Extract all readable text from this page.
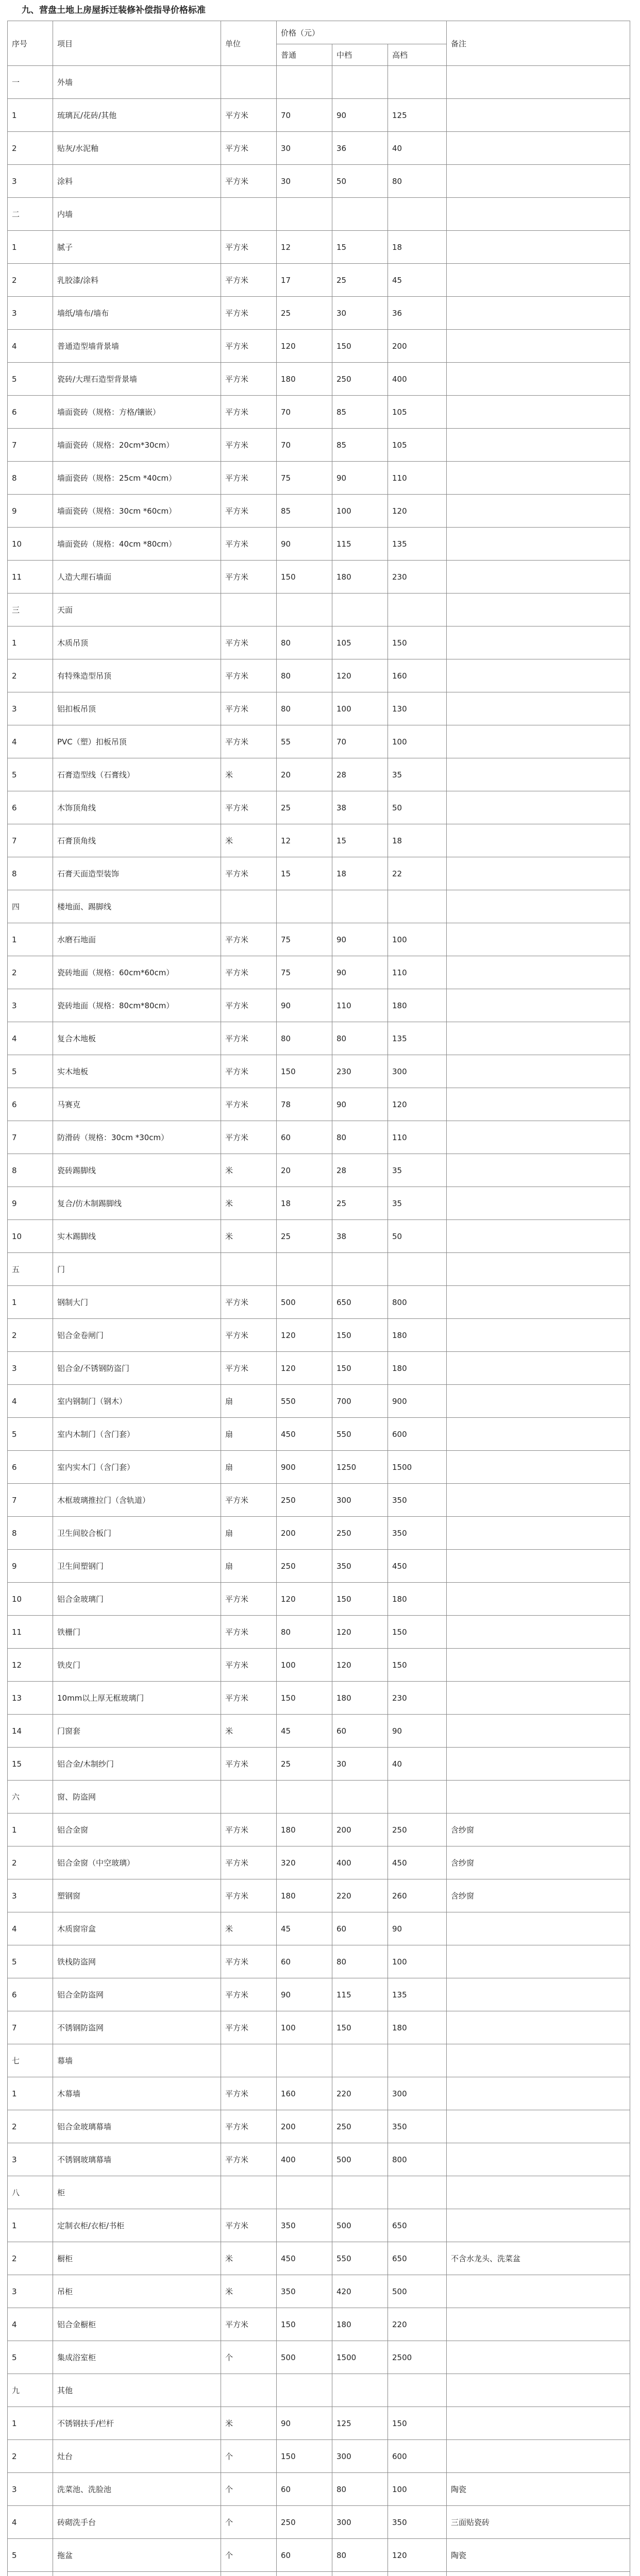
九、营盘土地上房屋拆迁装修补偿指导价格标准
序号	项目	单位	价格（元）			备注
			普通	中档	高档	
一	外墙					
1	琉璃瓦/花砖/其他	平方米	70	90	125	
2	贴灰/水泥釉	平方米	30	36	40	
3	涂料	平方米	30	50	80	
二	内墙					
1	腻子	平方米	12	15	18	
2	乳胶漆/涂料	平方米	17	25	45	
3	墙纸/墙布/墙布	平方米	25	30	36	
4	普通造型墙背景墙	平方米	120	150	200	
5	瓷砖/大理石造型背景墙	平方米	180	250	400	
6	墙面瓷砖（规格：方格/镶嵌）	平方米	70	85	105	
7	墙面瓷砖（规格：20cm*30cm）	平方米	70	85	105	
8	墙面瓷砖（规格：25cm *40cm）	平方米	75	90	110	
9	墙面瓷砖（规格：30cm *60cm）	平方米	85	100	120	
10	墙面瓷砖（规格：40cm *80cm）	平方米	90	115	135	
11	人造大理石墙面	平方米	150	180	230	
三	天面					
1	木质吊顶	平方米	80	105	150	
2	有特殊造型吊顶	平方米	80	120	160	
3	铝扣板吊顶	平方米	80	100	130	
4	PVC（塑）扣板吊顶	平方米	55	70	100	
5	石膏造型线（石膏线）	米	20	28	35	
6	木饰顶角线	平方米	25	38	50	
7	石膏顶角线	米	12	15	18	
8	石膏天面造型装饰	平方米	15	18	22	
四	楼地面、踢脚线					
1	水磨石地面	平方米	75	90	100	
2	瓷砖地面（规格：60cm*60cm）	平方米	75	90	110	
3	瓷砖地面（规格：80cm*80cm）	平方米	90	110	180	
4	复合木地板	平方米	80	80	135	
5	实木地板	平方米	150	230	300	
6	马赛克	平方米	78	90	120	
7	防滑砖（规格：30cm *30cm）	平方米	60	80	110	
8	瓷砖踢脚线	米	20	28	35	
9	复合/仿木制踢脚线	米	18	25	35	
10	实木踢脚线	米	25	38	50	
五	门					
1	钢制大门	平方米	500	650	800	
2	铝合金卷闸门	平方米	120	150	180	
3	铝合金/不锈钢防盗门	平方米	120	150	180	
4	室内钢制门（钢木）	扇	550	700	900	
5	室内木制门（含门套）	扇	450	550	600	
6	室内实木门（含门套）	扇	900	1250	1500	
7	木框玻璃推拉门（含轨道）	平方米	250	300	350	
8	卫生间胶合板门	扇	200	250	350	
9	卫生间塑钢门	扇	250	350	450	
10	铝合金玻璃门	平方米	120	150	180	
11	铁栅门	平方米	80	120	150	
12	铁皮门	平方米	100	120	150	
13	10mm以上厚无框玻璃门	平方米	150	180	230	
14	门窗套	米	45	60	90	
15	铝合金/木制纱门	平方米	25	30	40	
六	窗、防盗网					
1	铝合金窗	平方米	180	200	250	含纱窗
2	铝合金窗（中空玻璃）	平方米	320	400	450	含纱窗
3	塑钢窗	平方米	180	220	260	含纱窗
4	木质窗帘盒	米	45	60	90	
5	铁栈防盗网	平方米	60	80	100	
6	铝合金防盗网	平方米	90	115	135	
7	不锈钢防盗网	平方米	100	150	180	
七	幕墙					
1	木幕墙	平方米	160	220	300	
2	铝合金玻璃幕墙	平方米	200	250	350	
3	不锈钢玻璃幕墙	平方米	400	500	800	
八	柜					
1	定制衣柜/衣柜/书柜	平方米	350	500	650	
2	橱柜	米	450	550	650	不含水龙头、洗菜盆
3	吊柜	米	350	420	500	
4	铝合金橱柜	平方米	150	180	220	
5	集成浴室柜	个	500	1500	2500	
九	其他					
1	不锈钢扶手/栏杆	米	90	125	150	
2	灶台	个	150	300	600	
3	洗菜池、洗脸池	个	60	80	100	陶瓷
4	砖砌洗手台	个	250	300	350	三面贴瓷砖
5	拖盆	个	60	80	120	陶瓷
